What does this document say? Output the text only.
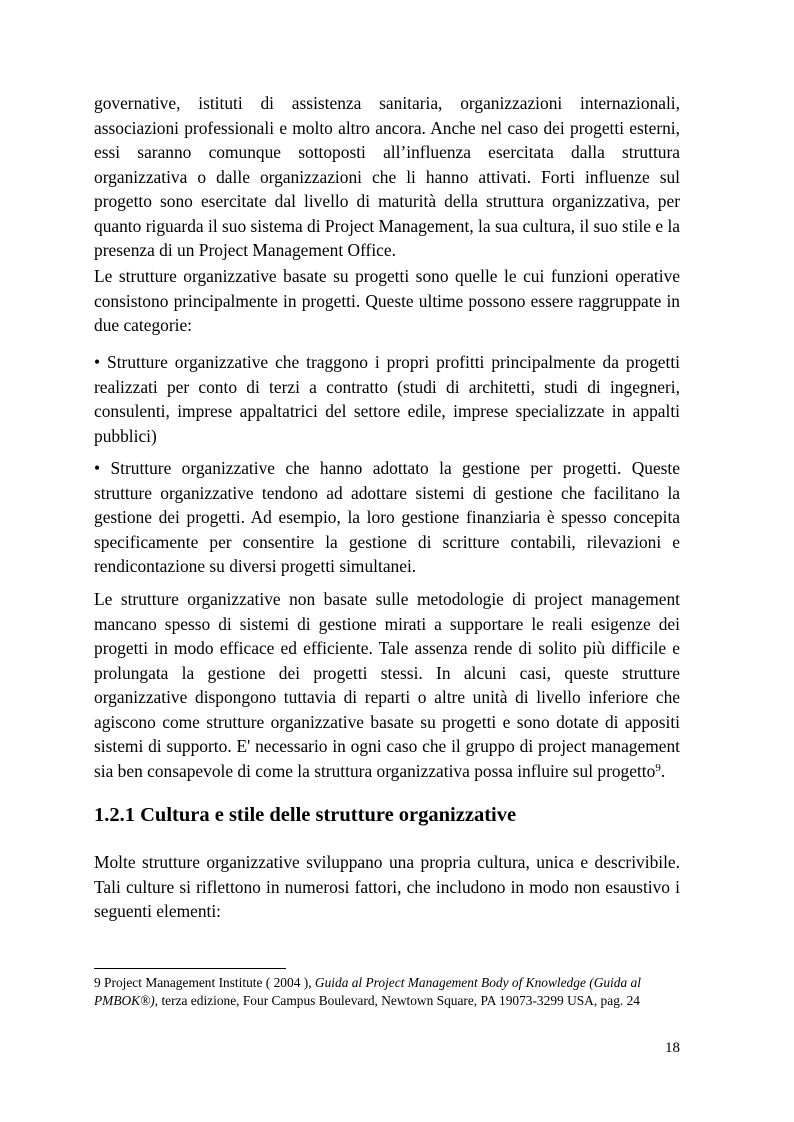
governative, istituti di assistenza sanitaria, organizzazioni internazionali, associazioni professionali e molto altro ancora. Anche nel caso dei progetti esterni, essi saranno comunque sottoposti all’influenza esercitata dalla struttura organizzativa o dalle organizzazioni che li hanno attivati. Forti influenze sul progetto sono esercitate dal livello di maturità della struttura organizzativa, per quanto riguarda il suo sistema di Project Management, la sua cultura, il suo stile e la presenza di un Project Management Office.

Le strutture organizzative basate su progetti sono quelle le cui funzioni operative consistono principalmente in progetti. Queste ultime possono essere raggruppate in due categorie:

• Strutture organizzative che traggono i propri profitti principalmente da progetti realizzati per conto di terzi a contratto (studi di architetti, studi di ingegneri, consulenti, imprese appaltatrici del settore edile, imprese specializzate in appalti pubblici)

• Strutture organizzative che hanno adottato la gestione per progetti. Queste strutture organizzative tendono ad adottare sistemi di gestione che facilitano la gestione dei progetti. Ad esempio, la loro gestione finanziaria è spesso concepita specificamente per consentire la gestione di scritture contabili, rilevazioni e rendicontazione su diversi progetti simultanei.

Le strutture organizzative non basate sulle metodologie di project management mancano spesso di sistemi di gestione mirati a supportare le reali esigenze dei progetti in modo efficace ed efficiente. Tale assenza rende di solito più difficile e prolungata la gestione dei progetti stessi. In alcuni casi, queste strutture organizzative dispongono tuttavia di reparti o altre unità di livello inferiore che agiscono come strutture organizzative basate su progetti e sono dotate di appositi sistemi di supporto. E' necessario in ogni caso che il gruppo di project management sia ben consapevole di come la struttura organizzativa possa influire sul progetto$^9$.

1.2.1 Cultura e stile delle strutture organizzative

Molte strutture organizzative sviluppano una propria cultura, unica e descrivibile. Tali culture si riflettono in numerosi fattori, che includono in modo non esaustivo i seguenti elementi:

9 Project Management Institute ( 2004 ), Guida al Project Management Body of Knowledge (Guida al PMBOK®), terza edizione, Four Campus Boulevard, Newtown Square, PA 19073-3299 USA, pag. 24

18
